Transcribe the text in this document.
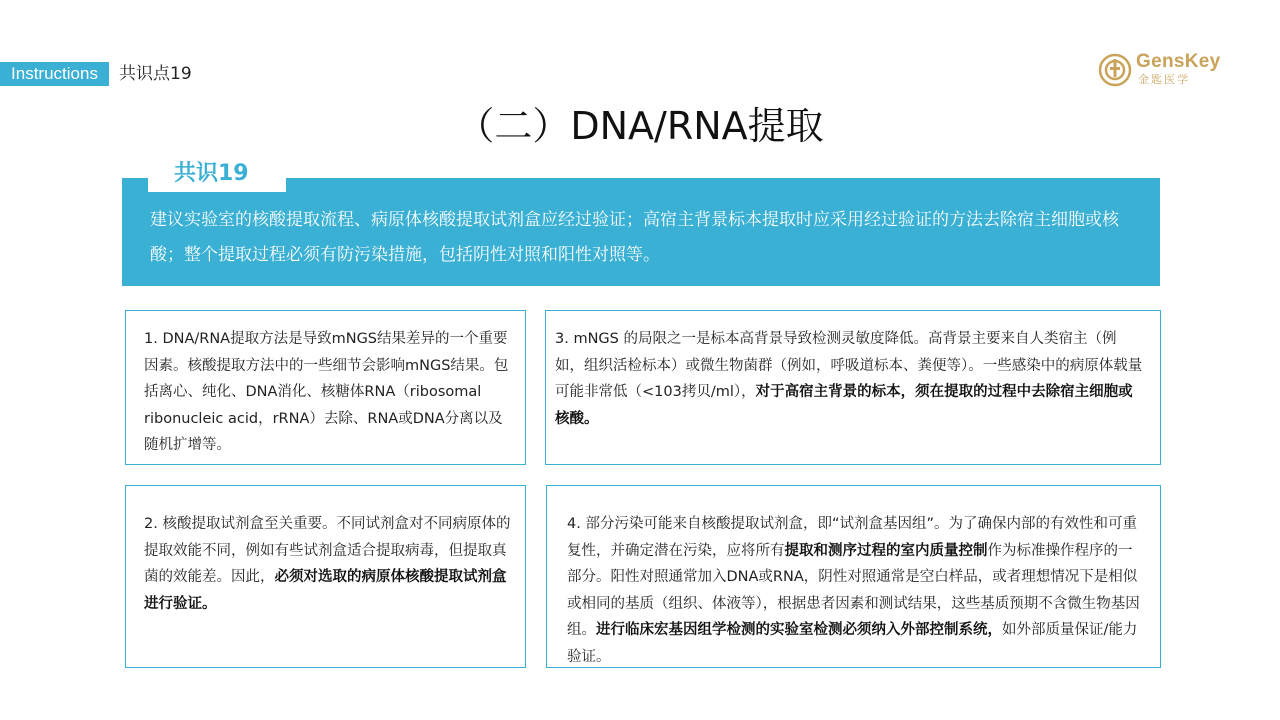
Instructions	共识点19
GensKey
金匙医学
（二）DNA/RNA提取
共识19
建议实验室的核酸提取流程、病原体核酸提取试剂盒应经过验证；高宿主背景标本提取时应采用经过验证的方法去除宿主细胞或核酸；整个提取过程必须有防污染措施，包括阴性对照和阳性对照等。
1. DNA/RNA提取方法是导致mNGS结果差异的一个重要因素。核酸提取方法中的一些细节会影响mNGS结果。包括离心、纯化、DNA消化、核糖体RNA（ribosomal ribonucleic acid，rRNA）去除、RNA或DNA分离以及随机扩增等。
3. mNGS 的局限之一是标本高背景导致检测灵敏度降低。高背景主要来自人类宿主（例如，组织活检标本）或微生物菌群（例如，呼吸道标本、粪便等）。一些感染中的病原体载量可能非常低（<103拷贝/ml），对于高宿主背景的标本，须在提取的过程中去除宿主细胞或核酸。
2. 核酸提取试剂盒至关重要。不同试剂盒对不同病原体的提取效能不同，例如有些试剂盒适合提取病毒，但提取真菌的效能差。因此，必须对选取的病原体核酸提取试剂盒进行验证。
4. 部分污染可能来自核酸提取试剂盒，即“试剂盒基因组”。为了确保内部的有效性和可重复性，并确定潜在污染，应将所有提取和测序过程的室内质量控制作为标准操作程序的一部分。阳性对照通常加入DNA或RNA，阴性对照通常是空白样品，或者理想情况下是相似或相同的基质（组织、体液等），根据患者因素和测试结果，这些基质预期不含微生物基因组。进行临床宏基因组学检测的实验室检测必须纳入外部控制系统，如外部质量保证/能力验证。
